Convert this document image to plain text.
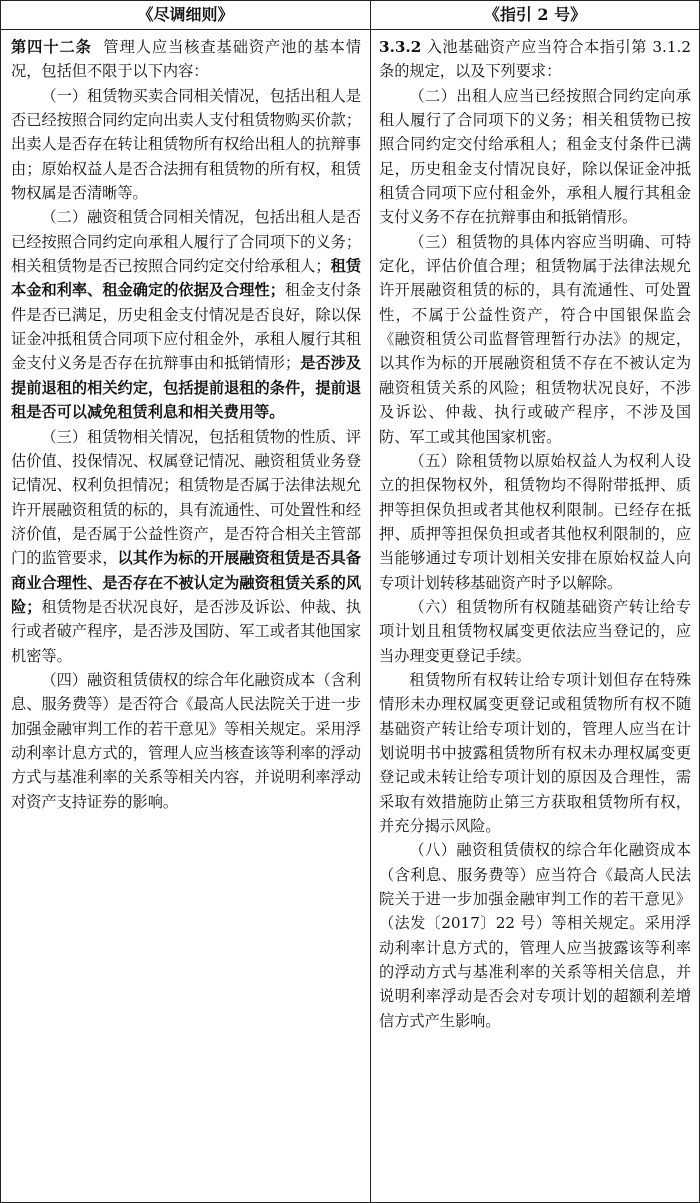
《尽调细则》	《指引 2 号》

第四十二条 管理人应当核查基础资产池的基本情况，包括但不限于以下内容：

（一）租赁物买卖合同相关情况，包括出租人是否已经按照合同约定向出卖人支付租赁物购买价款；出卖人是否存在转让租赁物所有权给出租人的抗辩事由；原始权益人是否合法拥有租赁物的所有权，租赁物权属是否清晰等。

（二）融资租赁合同相关情况，包括出租人是否已经按照合同约定向承租人履行了合同项下的义务；相关租赁物是否已按照合同约定交付给承租人；租赁本金和利率、租金确定的依据及合理性；租金支付条件是否已满足，历史租金支付情况是否良好，除以保证金冲抵租赁合同项下应付租金外，承租人履行其租金支付义务是否存在抗辩事由和抵销情形；是否涉及提前退租的相关约定，包括提前退租的条件，提前退租是否可以减免租赁利息和相关费用等。

（三）租赁物相关情况，包括租赁物的性质、评估价值、投保情况、权属登记情况、融资租赁业务登记情况、权利负担情况；租赁物是否属于法律法规允许开展融资租赁的标的，具有流通性、可处置性和经济价值，是否属于公益性资产，是否符合相关主管部门的监管要求，以其作为标的开展融资租赁是否具备商业合理性、是否存在不被认定为融资租赁关系的风险；租赁物是否状况良好，是否涉及诉讼、仲裁、执行或者破产程序，是否涉及国防、军工或者其他国家机密等。

（四）融资租赁债权的综合年化融资成本（含利息、服务费等）是否符合《最高人民法院关于进一步加强金融审判工作的若干意见》等相关规定。采用浮动利率计息方式的，管理人应当核查该等利率的浮动方式与基准利率的关系等相关内容，并说明利率浮动对资产支持证券的影响。

3.3.2 入池基础资产应当符合本指引第 3.1.2 条的规定，以及下列要求：

（二）出租人应当已经按照合同约定向承租人履行了合同项下的义务；相关租赁物已按照合同约定交付给承租人；租金支付条件已满足，历史租金支付情况良好，除以保证金冲抵租赁合同项下应付租金外，承租人履行其租金支付义务不存在抗辩事由和抵销情形。

（三）租赁物的具体内容应当明确、可特定化，评估价值合理；租赁物属于法律法规允许开展融资租赁的标的，具有流通性、可处置性，不属于公益性资产，符合中国银保监会《融资租赁公司监督管理暂行办法》的规定，以其作为标的开展融资租赁不存在不被认定为融资租赁关系的风险；租赁物状况良好，不涉及诉讼、仲裁、执行或破产程序，不涉及国防、军工或其他国家机密。

（五）除租赁物以原始权益人为权利人设立的担保物权外，租赁物均不得附带抵押、质押等担保负担或者其他权利限制。已经存在抵押、质押等担保负担或者其他权利限制的，应当能够通过专项计划相关安排在原始权益人向专项计划转移基础资产时予以解除。

（六）租赁物所有权随基础资产转让给专项计划且租赁物权属变更依法应当登记的，应当办理变更登记手续。

租赁物所有权转让给专项计划但存在特殊情形未办理权属变更登记或租赁物所有权不随基础资产转让给专项计划的，管理人应当在计划说明书中披露租赁物所有权未办理权属变更登记或未转让给专项计划的原因及合理性，需采取有效措施防止第三方获取租赁物所有权，并充分揭示风险。

（八）融资租赁债权的综合年化融资成本（含利息、服务费等）应当符合《最高人民法院关于进一步加强金融审判工作的若干意见》（法发〔2017〕22 号）等相关规定。采用浮动利率计息方式的，管理人应当披露该等利率的浮动方式与基准利率的关系等相关信息，并说明利率浮动是否会对专项计划的超额利差增信方式产生影响。
